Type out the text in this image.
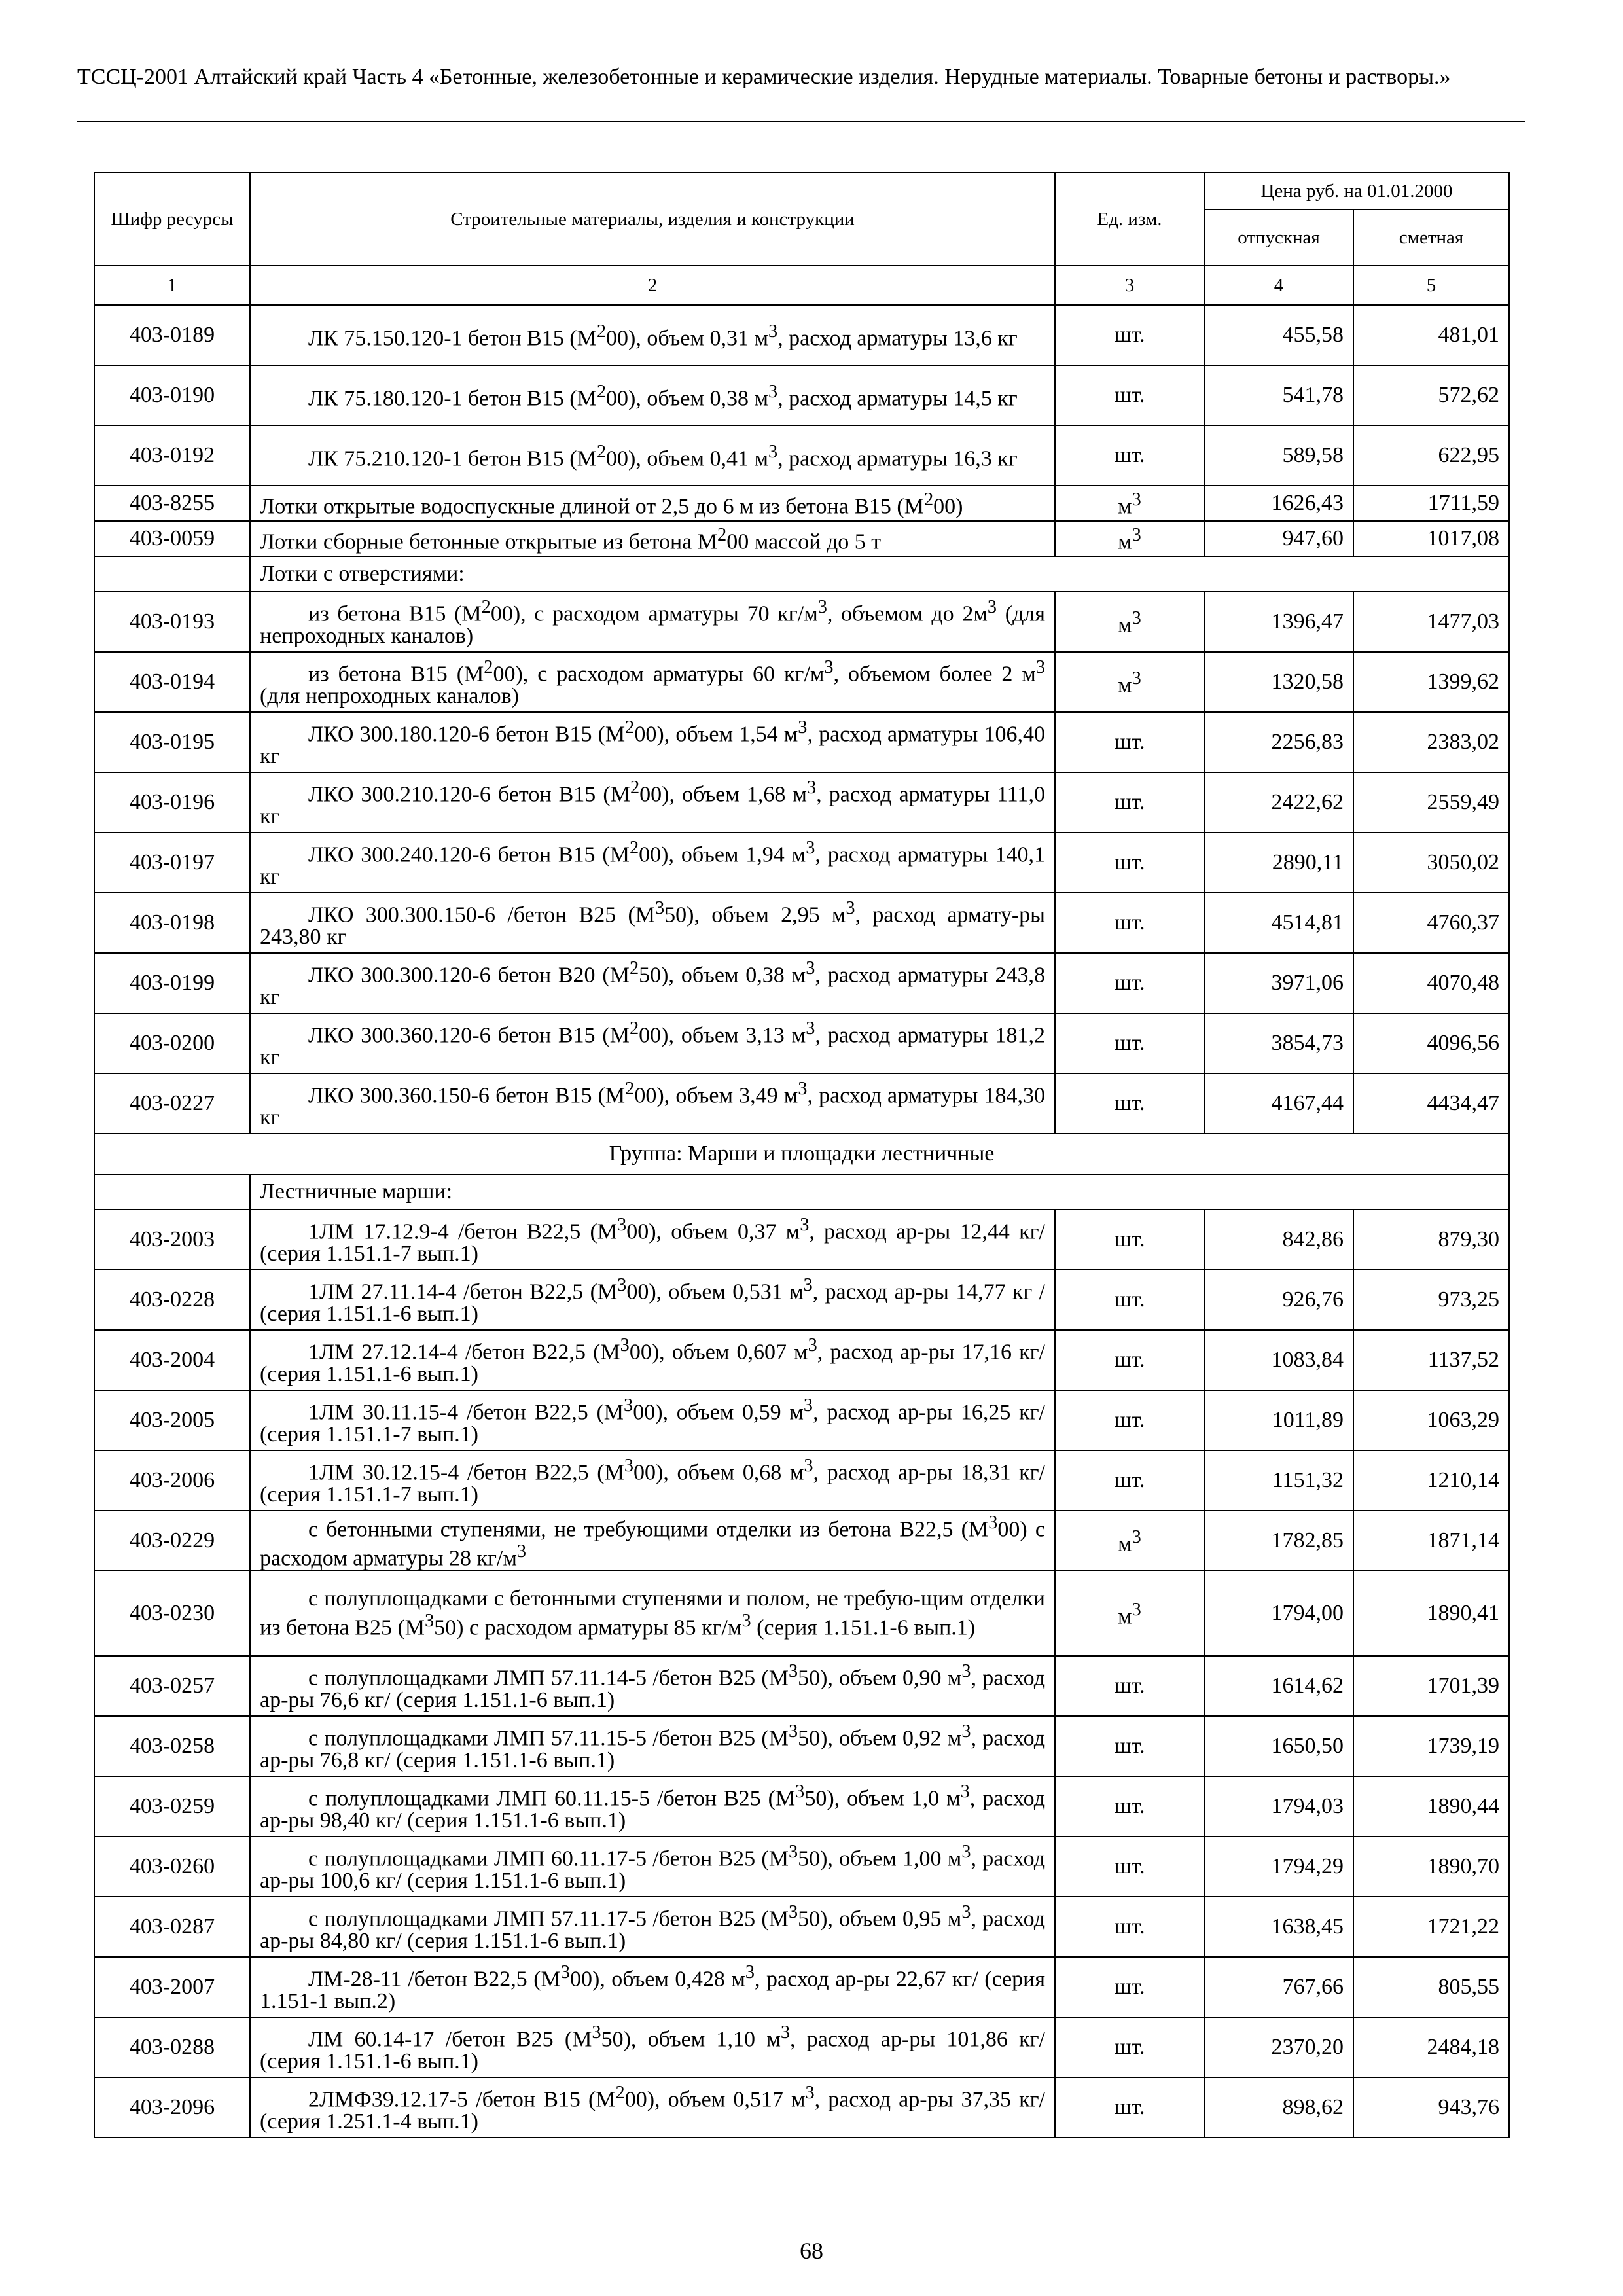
ТССЦ-2001 Алтайский край Часть 4 «Бетонные, железобетонные и керамические изделия. Нерудные материалы. Товарные бетоны и растворы.»
Шифр ресурсы	Строительные материалы, изделия и конструкции	Ед. изм.	Цена руб. на 01.01.2000	
			отпускная	сметная
1	2	3	4	5
403-0189	ЛК 75.150.120-1 бетон В15 $(М^200)$, объем 0,31 $м^3$, расход арматуры 13,6 кг	шт.	455,58	481,01
403-0190	ЛК 75.180.120-1 бетон В15 $(М^200)$, объем 0,38 $м^3$, расход арматуры 14,5 кг	шт.	541,78	572,62
403-0192	ЛК 75.210.120-1 бетон В15 $(М^200)$, объем 0,41 $м^3$, расход арматуры 16,3 кг	шт.	589,58	622,95
403-8255	Лотки открытые водоспускные длиной от 2,5 до 6 м из бетона В15 $(М^200)$	$м^3$	1626,43	1711,59
403-0059	Лотки сборные бетонные открытые из бетона $М^200$ массой до 5 т	$м^3$	947,60	1017,08
	Лотки с отверстиями:			
403-0193	из бетона В15 $(М^200)$, с расходом арматуры 70 $кг/м^3$, объемом до $2м^3$ (для непроходных каналов)	$м^3$	1396,47	1477,03
403-0194	из бетона В15 $(М^200)$, с расходом арматуры 60 $кг/м^3$, объемом более 2 $м^3$ (для непроходных каналов)	$м^3$	1320,58	1399,62
403-0195	ЛКО 300.180.120-6 бетон В15 $(М^200)$, объем 1,54 $м^3$, расход арматуры 106,40 кг	шт.	2256,83	2383,02
403-0196	ЛКО 300.210.120-6 бетон В15 $(М^200)$, объем 1,68 $м^3$, расход арматуры 111,0 кг	шт.	2422,62	2559,49
403-0197	ЛКО 300.240.120-6 бетон В15 $(М^200)$, объем 1,94 $м^3$, расход арматуры 140,1 кг	шт.	2890,11	3050,02
403-0198	ЛКО 300.300.150-6 /бетон В25 $(М^350)$, объем 2,95 $м^3$, расход армату-ры 243,80 кг	шт.	4514,81	4760,37
403-0199	ЛКО 300.300.120-6 бетон В20 $(М^250)$, объем 0,38 $м^3$, расход арматуры 243,8 кг	шт.	3971,06	4070,48
403-0200	ЛКО 300.360.120-6 бетон В15 $(М^200)$, объем 3,13 $м^3$, расход арматуры 181,2 кг	шт.	3854,73	4096,56
403-0227	ЛКО 300.360.150-6 бетон В15 $(М^200)$, объем 3,49 $м^3$, расход арматуры 184,30 кг	шт.	4167,44	4434,47
Группа: Марши и площадки лестничные				
	Лестничные марши:			
403-2003	1ЛМ 17.12.9-4 /бетон В22,5 $(М^300)$, объем 0,37 $м^3$, расход ар-ры 12,44 кг/ (серия 1.151.1-7 вып.1)	шт.	842,86	879,30
403-0228	1ЛМ 27.11.14-4 /бетон В22,5 $(М^300)$, объем 0,531 $м^3$, расход ар-ры 14,77 кг / (серия 1.151.1-6 вып.1)	шт.	926,76	973,25
403-2004	1ЛМ 27.12.14-4 /бетон В22,5 $(М^300)$, объем 0,607 $м^3$, расход ар-ры 17,16 кг/ (серия 1.151.1-6 вып.1)	шт.	1083,84	1137,52
403-2005	1ЛМ 30.11.15-4 /бетон В22,5 $(М^300)$, объем 0,59 $м^3$, расход ар-ры 16,25 кг/ (серия 1.151.1-7 вып.1)	шт.	1011,89	1063,29
403-2006	1ЛМ 30.12.15-4 /бетон В22,5 $(М^300)$, объем 0,68 $м^3$, расход ар-ры 18,31 кг/ (серия 1.151.1-7 вып.1)	шт.	1151,32	1210,14
403-0229	с бетонными ступенями, не требующими отделки из бетона В22,5 $(М^300)$ с расходом арматуры 28 $кг/м^3$	$м^3$	1782,85	1871,14
403-0230	с полуплощадками с бетонными ступенями и полом, не требую-щим отделки из бетона В25 $(М^350)$ с расходом арматуры 85 $кг/м^3$ (серия 1.151.1-6 вып.1)	$м^3$	1794,00	1890,41
403-0257	с полуплощадками ЛМП 57.11.14-5 /бетон В25 $(М^350)$, объем 0,90 $м^3$, расход ар-ры 76,6 кг/ (серия 1.151.1-6 вып.1)	шт.	1614,62	1701,39
403-0258	с полуплощадками ЛМП 57.11.15-5 /бетон В25 $(М^350)$, объем 0,92 $м^3$, расход ар-ры 76,8 кг/ (серия 1.151.1-6 вып.1)	шт.	1650,50	1739,19
403-0259	с полуплощадками ЛМП 60.11.15-5 /бетон В25 $(М^350)$, объем 1,0 $м^3$, расход ар-ры 98,40 кг/ (серия 1.151.1-6 вып.1)	шт.	1794,03	1890,44
403-0260	с полуплощадками ЛМП 60.11.17-5 /бетон В25 $(М^350)$, объем 1,00 $м^3$, расход ар-ры 100,6 кг/ (серия 1.151.1-6 вып.1)	шт.	1794,29	1890,70
403-0287	с полуплощадками ЛМП 57.11.17-5 /бетон В25 $(М^350)$, объем 0,95 $м^3$, расход ар-ры 84,80 кг/ (серия 1.151.1-6 вып.1)	шт.	1638,45	1721,22
403-2007	ЛМ-28-11 /бетон В22,5 $(М^300)$, объем 0,428 $м^3$, расход ар-ры 22,67 кг/ (серия 1.151-1 вып.2)	шт.	767,66	805,55
403-0288	ЛМ 60.14-17 /бетон В25 $(М^350)$, объем 1,10 $м^3$, расход ар-ры 101,86 кг/ (серия 1.151.1-6 вып.1)	шт.	2370,20	2484,18
403-2096	2ЛМФ39.12.17-5 /бетон В15 $(М^200)$, объем 0,517 $м^3$, расход ар-ры 37,35 кг/ (серия 1.251.1-4 вып.1)	шт.	898,62	943,76
68
